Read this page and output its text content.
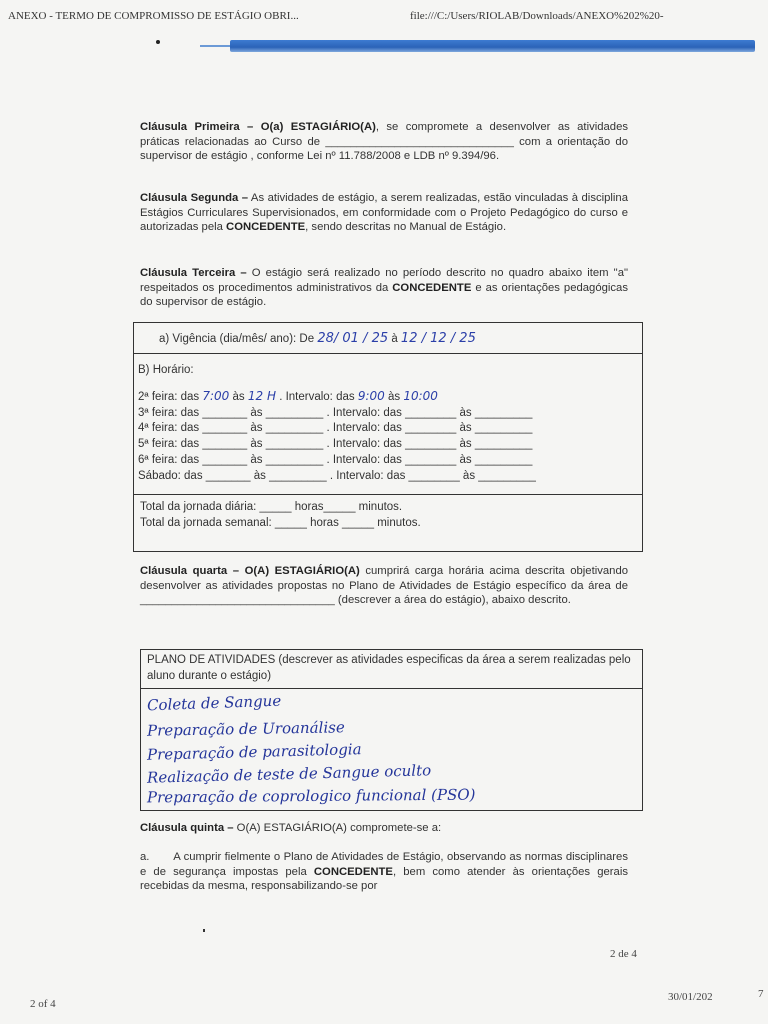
ANEXO - TERMO DE COMPROMISSO DE ESTÁGIO OBRI...	file:///C:/Users/RIOLAB/Downloads/ANEXO%202%20-
Cláusula Primeira – O(a) ESTAGIÁRIO(A), se compromete a desenvolver as atividades práticas relacionadas ao Curso de ______________________________ com a orientação do supervisor de estágio , conforme Lei nº 11.788/2008 e LDB nº 9.394/96.
Cláusula Segunda – As atividades de estágio, a serem realizadas, estão vinculadas à disciplina Estágios Curriculares Supervisionados, em conformidade com o Projeto Pedagógico do curso e autorizadas pela CONCEDENTE, sendo descritas no Manual de Estágio.
Cláusula Terceira – O estágio será realizado no período descrito no quadro abaixo item "a" respeitados os procedimentos administrativos da CONCEDENTE e as orientações pedagógicas do supervisor de estágio.
a) Vigência (dia/mês/ ano): De 28/ 01 / 25 à 12 / 12 / 25
B) Horário:
2ª feira: das 7:00 às 12 H . Intervalo: das 9:00 às 10:00
3ª feira: das _______ às _________ . Intervalo: das ________ às _________
4ª feira: das _______ às _________ . Intervalo: das ________ às _________
5ª feira: das _______ às _________ . Intervalo: das ________ às _________
6ª feira: das _______ às _________ . Intervalo: das ________ às _________
Sábado: das _______ às _________ . Intervalo: das ________ às _________
Total da jornada diária: _____ horas_____ minutos.
Total da jornada semanal: _____ horas _____ minutos.
Cláusula quarta – O(A) ESTAGIÁRIO(A) cumprirá carga horária acima descrita objetivando desenvolver as atividades propostas no Plano de Atividades de Estágio específico da área de _______________________________ (descrever a área do estágio), abaixo descrito.
PLANO DE ATIVIDADES (descrever as atividades especificas da área a serem realizadas pelo aluno durante o estágio)
Coleta de Sangue
Preparação de Uroanálise
Preparação de parasitologia
Realização de teste de Sangue oculto
Preparação de coprologico funcional (PSO)
Cláusula quinta – O(A) ESTAGIÁRIO(A) compromete-se a:
a. A cumprir fielmente o Plano de Atividades de Estágio, observando as normas disciplinares e de segurança impostas pela CONCEDENTE, bem como atender às orientações gerais recebidas da mesma, responsabilizando-se por
2 de 4
2 of 4
30/01/202	7
